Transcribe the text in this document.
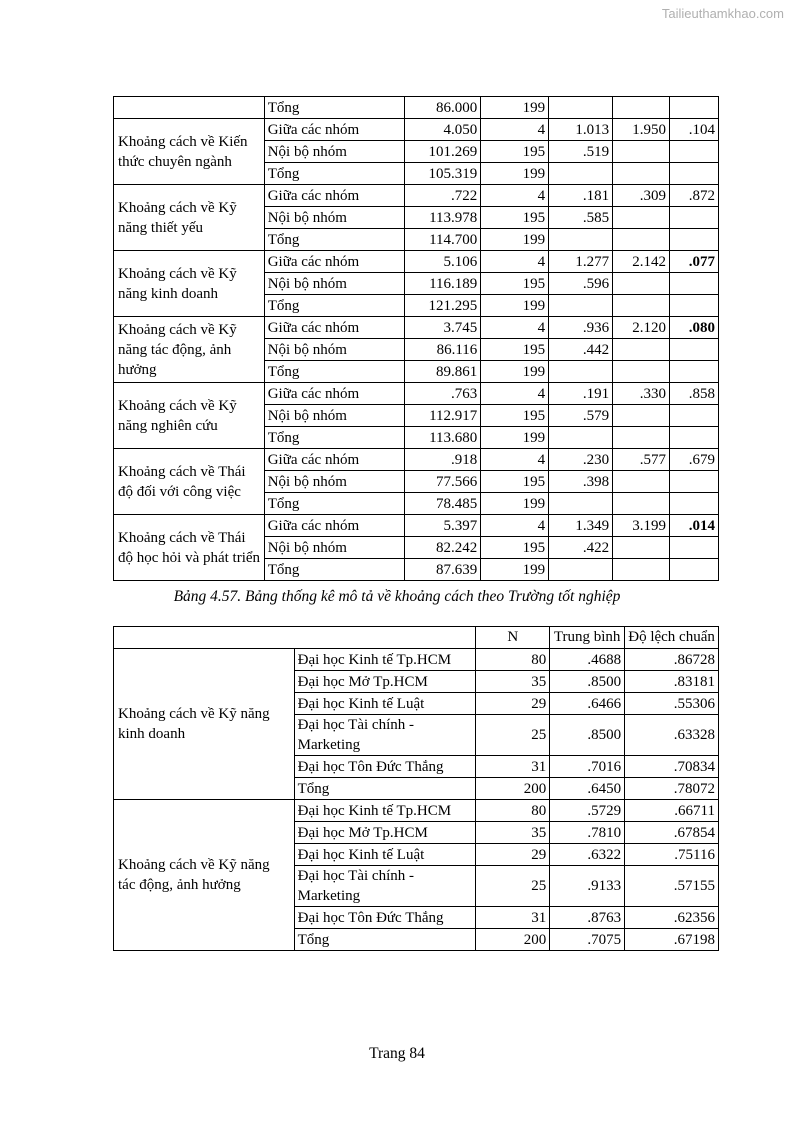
Tailieuthamkhao.com
	Tổng	86.000	199			
Khoảng cách về Kiến thức chuyên ngành	Giữa các nhóm	4.050	4	1.013	1.950	.104
	Nội bộ nhóm	101.269	195	.519		
	Tổng	105.319	199			
Khoảng cách về Kỹ năng thiết yếu	Giữa các nhóm	.722	4	.181	.309	.872
	Nội bộ nhóm	113.978	195	.585		
	Tổng	114.700	199			
Khoảng cách về Kỹ năng kinh doanh	Giữa các nhóm	5.106	4	1.277	2.142	.077
	Nội bộ nhóm	116.189	195	.596		
	Tổng	121.295	199			
Khoảng cách về Kỹ năng tác động, ảnh hưởng	Giữa các nhóm	3.745	4	.936	2.120	.080
	Nội bộ nhóm	86.116	195	.442		
	Tổng	89.861	199			
Khoảng cách về Kỹ năng nghiên cứu	Giữa các nhóm	.763	4	.191	.330	.858
	Nội bộ nhóm	112.917	195	.579		
	Tổng	113.680	199			
Khoảng cách về Thái độ đối với công việc	Giữa các nhóm	.918	4	.230	.577	.679
	Nội bộ nhóm	77.566	195	.398		
	Tổng	78.485	199			
Khoảng cách về Thái độ học hỏi và phát triển	Giữa các nhóm	5.397	4	1.349	3.199	.014
	Nội bộ nhóm	82.242	195	.422		
	Tổng	87.639	199			
Bảng 4.57. Bảng thống kê mô tả về khoảng cách theo Trường tốt nghiệp
		N	Trung bình	Độ lệch chuẩn
Khoảng cách về Kỹ năng kinh doanh	Đại học Kinh tế Tp.HCM	80	.4688	.86728
	Đại học Mở Tp.HCM	35	.8500	.83181
	Đại học Kinh tế Luật	29	.6466	.55306
	Đại học Tài chính - Marketing	25	.8500	.63328
	Đại học Tôn Đức Thắng	31	.7016	.70834
	Tổng	200	.6450	.78072
Khoảng cách về Kỹ năng tác động, ảnh hưởng	Đại học Kinh tế Tp.HCM	80	.5729	.66711
	Đại học Mở Tp.HCM	35	.7810	.67854
	Đại học Kinh tế Luật	29	.6322	.75116
	Đại học Tài chính - Marketing	25	.9133	.57155
	Đại học Tôn Đức Thắng	31	.8763	.62356
	Tổng	200	.7075	.67198
Trang 84
